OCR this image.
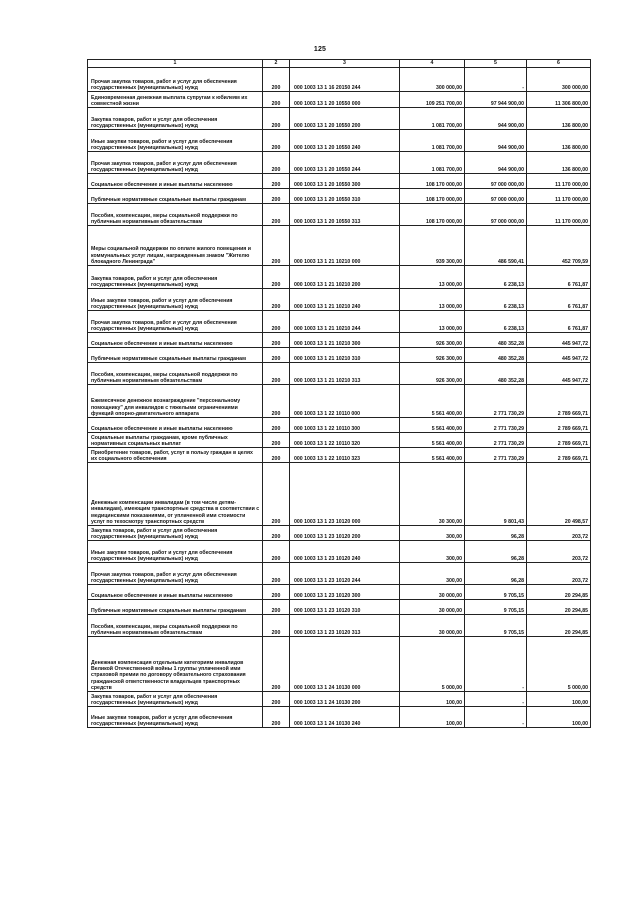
125
1	2	3	4	5	6
Прочая закупка товаров, работ и услуг для обеспечения государственных (муниципальных) нужд	200	000 1003 13 1 16 20150 244	300 000,00	-	300 000,00
Единовременная денежная выплата супругам к юбилеям их совместной жизни	200	000 1003 13 1 20 10550 000	109 251 700,00	97 944 900,00	11 306 800,00
Закупка товаров, работ и услуг для обеспечения государственных (муниципальных) нужд	200	000 1003 13 1 20 10550 200	1 081 700,00	944 900,00	136 800,00
Иные закупки товаров, работ и услуг для обеспечения государственных (муниципальных) нужд	200	000 1003 13 1 20 10550 240	1 081 700,00	944 900,00	136 800,00
Прочая закупка товаров, работ и услуг для обеспечения государственных (муниципальных) нужд	200	000 1003 13 1 20 10550 244	1 081 700,00	944 900,00	136 800,00
Социальное обеспечение и иные выплаты населению	200	000 1003 13 1 20 10550 300	108 170 000,00	97 000 000,00	11 170 000,00
Публичные нормативные социальные выплаты гражданам	200	000 1003 13 1 20 10550 310	108 170 000,00	97 000 000,00	11 170 000,00
Пособия, компенсации, меры социальной поддержки по публичным нормативным обязательствам	200	000 1003 13 1 20 10550 313	108 170 000,00	97 000 000,00	11 170 000,00
Меры социальной поддержки по оплате жилого помещения и коммунальных услуг лицам, награжденным знаком "Жителю блокадного Ленинграда"	200	000 1003 13 1 21 10210 000	939 300,00	486 590,41	452 709,59
Закупка товаров, работ и услуг для обеспечения государственных (муниципальных) нужд	200	000 1003 13 1 21 10210 200	13 000,00	6 238,13	6 761,87
Иные закупки товаров, работ и услуг для обеспечения государственных (муниципальных) нужд	200	000 1003 13 1 21 10210 240	13 000,00	6 238,13	6 761,87
Прочая закупка товаров, работ и услуг для обеспечения государственных (муниципальных) нужд	200	000 1003 13 1 21 10210 244	13 000,00	6 238,13	6 761,87
Социальное обеспечение и иные выплаты населению	200	000 1003 13 1 21 10210 300	926 300,00	480 352,28	445 947,72
Публичные нормативные социальные выплаты гражданам	200	000 1003 13 1 21 10210 310	926 300,00	480 352,28	445 947,72
Пособия, компенсации, меры социальной поддержки по публичным нормативным обязательствам	200	000 1003 13 1 21 10210 313	926 300,00	480 352,28	445 947,72
Ежемесячное денежное вознаграждение "персональному помощнику" для инвалидов с тяжелыми ограничениями функций опорно-двигательного аппарата	200	000 1003 13 1 22 10110 000	5 561 400,00	2 771 730,29	2 789 669,71
Социальное обеспечение и иные выплаты населению	200	000 1003 13 1 22 10110 300	5 561 400,00	2 771 730,29	2 789 669,71
Социальные выплаты гражданам, кроме публичных нормативных социальных выплат	200	000 1003 13 1 22 10110 320	5 561 400,00	2 771 730,29	2 789 669,71
Приобретение товаров, работ, услуг в пользу граждан в целях их социального обеспечения	200	000 1003 13 1 22 10110 323	5 561 400,00	2 771 730,29	2 789 669,71
Денежные компенсации инвалидам (в том числе детям-инвалидам), имеющим транспортные средства в соответствии с медицинскими показаниями, от уплаченной ими стоимости услуг по техосмотру транспортных средств	200	000 1003 13 1 23 10120 000	30 300,00	9 801,43	20 498,57
Закупка товаров, работ и услуг для обеспечения государственных (муниципальных) нужд	200	000 1003 13 1 23 10120 200	300,00	96,28	203,72
Иные закупки товаров, работ и услуг для обеспечения государственных (муниципальных) нужд	200	000 1003 13 1 23 10120 240	300,00	96,28	203,72
Прочая закупка товаров, работ и услуг для обеспечения государственных (муниципальных) нужд	200	000 1003 13 1 23 10120 244	300,00	96,28	203,72
Социальное обеспечение и иные выплаты населению	200	000 1003 13 1 23 10120 300	30 000,00	9 705,15	20 294,85
Публичные нормативные социальные выплаты гражданам	200	000 1003 13 1 23 10120 310	30 000,00	9 705,15	20 294,85
Пособия, компенсации, меры социальной поддержки по публичным нормативным обязательствам	200	000 1003 13 1 23 10120 313	30 000,00	9 705,15	20 294,85
Денежная компенсация отдельным категориям инвалидов Великой Отечественной войны 1 группы уплаченной ими страховой премии по договору обязательного страхования гражданской ответственности владельцев транспортных средств	200	000 1003 13 1 24 10130 000	5 000,00	-	5 000,00
Закупка товаров, работ и услуг для обеспечения государственных (муниципальных) нужд	200	000 1003 13 1 24 10130 200	100,00	-	100,00
Иные закупки товаров, работ и услуг для обеспечения государственных (муниципальных) нужд	200	000 1003 13 1 24 10130 240	100,00	-	100,00
